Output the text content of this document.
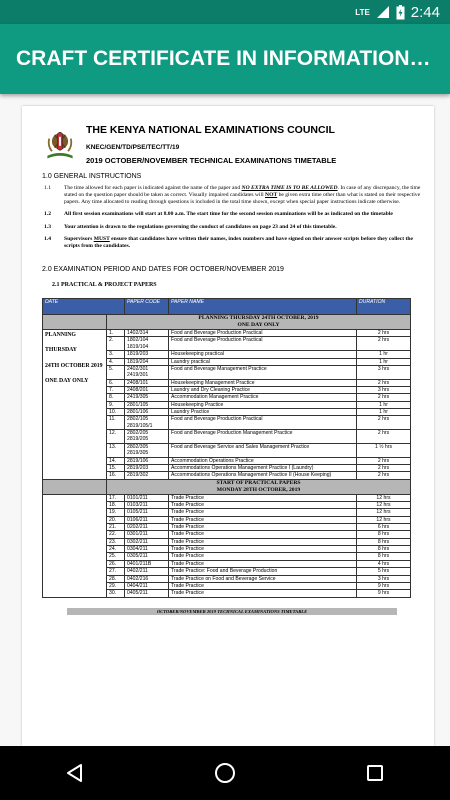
LTE	2:44
CRAFT CERTIFICATE IN INFORMATION…
THE KENYA NATIONAL EXAMINATIONS COUNCIL
KNEC/GEN/TD/PSE/TEC/TT/19
2019 OCTOBER/NOVEMBER TECHNICAL EXAMINATIONS TIMETABLE
1.0 GENERAL INSTRUCTIONS
1.1	The time allowed for each paper is indicated against the name of the paper and NO EXTRA TIME IS TO BE ALLOWED. In case of any discrepancy, the time stated on the question paper should be taken as correct. Visually impaired candidates will NOT be given extra time other than what is stated on their respective papers. Any time allocated to reading through questions is included in the total time shown, except when special paper instructions indicate otherwise.
1.2	All first session examinations will start at 8.00 a.m. The start time for the second session examinations will be as indicated on the timetable
1.3	Your attention is drawn to the regulations governing the conduct of candidates on page 23 and 24 of this timetable.
1.4	Supervisors MUST ensure that candidates have written their names, index numbers and have signed on their answer scripts before they collect the scripts from the candidates.
2.0 EXAMINATION PERIOD AND DATES FOR OCTOBER/NOVEMBER 2019
2.1 PRACTICAL & PROJECT PAPERS
DATE		PAPER CODE	PAPER NAME	DURATION

	PLANNING THURSDAY 24TH OCTOBER, 2019
ONE DAY ONLY			

PLANNING
THURSDAY
24TH OCTOBER 2019
ONE DAY ONLY	1.	1402/314	Food and Beverage Production Practical	2 hrs
	2.	1802/104
1819/104	Food and Beverage Production Practical	2 hrs
	3.	1819/203	Housekeeping practical	1 hr
	4.	1819/204	Laundry practical	1 hr
	5.	2402/301
2419/301	Food and Beverage Management Practice	3 hrs
	6.	2408/101	Housekeeping Management Practice	2 hrs
	7.	2408/201	Laundry and Dry Cleaning Practice	3 hrs
	8.	2419/305	Accommodation Management Practice	2 hrs
	9.	2801/105	Housekeeping Practice	1 hr
	10.	2801/106	Laundry Practice	1 hr
	11.	2802/105
2819/105/1	Food and Beverage Production Practical	2 hrs
	12.	2802/205
2819/205	Food and Beverage Production Management Practice	2 hrs
	13.	2802/305
2819/305	Food and Beverage Service and Sales Management Practice	1 ½ hrs
	14.	2819/106	Accommodation Operations Practice	2 hrs
	15.	2819/203	Accommodations Operations Management Practice I (Laundry)	2 hrs
	16.	2819/302	Accommodations Operations Management Practice II (House Keeping)	2 hrs

	START OF PRACTICAL PAPERS
MONDAY 28TH OCTOBER, 2019			

	17.	0101/211	Trade Practice	12 hrs
	18.	0103/211	Trade Practice	12 hrs
	19.	0105/211	Trade Practice	12 hrs
	20.	0106/211	Trade Practice	12 hrs
	21.	0202/211	Trade Practice	6 hrs
	22.	0301/211	Trade Practice	8 hrs
	23.	0302/211	Trade Practice	8 hrs
	24.	0304/211	Trade Practice	8 hrs
	25.	0305/211	Trade Practice	8 hrs
	26.	0401/211B	Trade Practice	4 hrs
	27.	0402/211	Trade Practice: Food and Beverage Production	5 hrs
	28.	0402/216	Trade Practice on Food and Beverage Service	3 hrs
	29.	0404/211	Trade Practice	9 hrs
	30.	0405/211	Trade Practice	9 hrs
OCTOBER/NOVEMBER 2019 TECHNICAL EXAMINATIONS TIMETABLE
